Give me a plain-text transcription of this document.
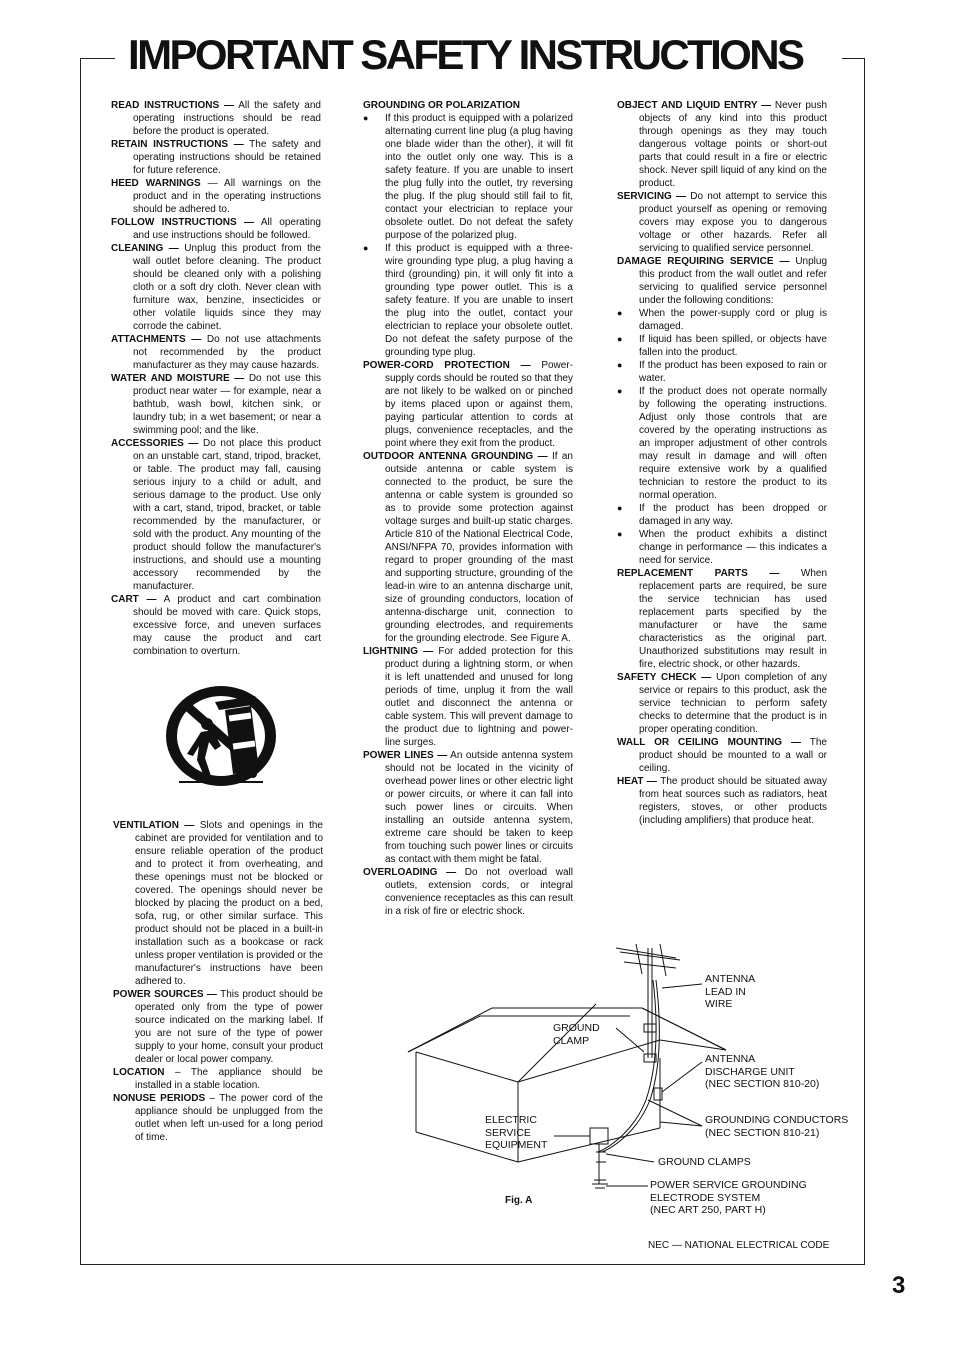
IMPORTANT SAFETY INSTRUCTIONS

READ INSTRUCTIONS — All the safety and operating instructions should be read before the product is operated.

RETAIN INSTRUCTIONS — The safety and operating instructions should be retained for future reference.

HEED WARNINGS — All warnings on the product and in the operating instructions should be adhered to.

FOLLOW INSTRUCTIONS — All operating and use instructions should be followed.

CLEANING — Unplug this product from the wall outlet before cleaning. The product should be cleaned only with a polishing cloth or a soft dry cloth. Never clean with furniture wax, benzine, insecticides or other volatile liquids since they may corrode the cabinet.

ATTACHMENTS — Do not use attachments not recommended by the product manufacturer as they may cause hazards.

WATER AND MOISTURE — Do not use this product near water — for example, near a bathtub, wash bowl, kitchen sink, or laundry tub; in a wet basement; or near a swimming pool; and the like.

ACCESSORIES — Do not place this product on an unstable cart, stand, tripod, bracket, or table. The product may fall, causing serious injury to a child or adult, and serious damage to the product. Use only with a cart, stand, tripod, bracket, or table recommended by the manufacturer, or sold with the product. Any mounting of the product should follow the manufacturer's instructions, and should use a mounting accessory recommended by the manufacturer.

CART — A product and cart combination should be moved with care. Quick stops, excessive force, and uneven surfaces may cause the product and cart combination to overturn.

VENTILATION — Slots and openings in the cabinet are provided for ventilation and to ensure reliable operation of the product and to protect it from overheating, and these openings must not be blocked or covered. The openings should never be blocked by placing the product on a bed, sofa, rug, or other similar surface. This product should not be placed in a built-in installation such as a bookcase or rack unless proper ventilation is provided or the manufacturer's instructions have been adhered to.

POWER SOURCES — This product should be operated only from the type of power source indicated on the marking label. If you are not sure of the type of power supply to your home, consult your product dealer or local power company.

LOCATION – The appliance should be installed in a stable location.

NONUSE PERIODS – The power cord of the appliance should be unplugged from the outlet when left un-used for a long period of time.

GROUNDING OR POLARIZATION

● If this product is equipped with a polarized alternating current line plug (a plug having one blade wider than the other), it will fit into the outlet only one way. This is a safety feature. If you are unable to insert the plug fully into the outlet, try reversing the plug. If the plug should still fail to fit, contact your electrician to replace your obsolete outlet. Do not defeat the safety purpose of the polarized plug.

● If this product is equipped with a three-wire grounding type plug, a plug having a third (grounding) pin, it will only fit into a grounding type power outlet. This is a safety feature. If you are unable to insert the plug into the outlet, contact your electrician to replace your obsolete outlet. Do not defeat the safety purpose of the grounding type plug.

POWER-CORD PROTECTION — Power-supply cords should be routed so that they are not likely to be walked on or pinched by items placed upon or against them, paying particular attention to cords at plugs, convenience receptacles, and the point where they exit from the product.

OUTDOOR ANTENNA GROUNDING — If an outside antenna or cable system is connected to the product, be sure the antenna or cable system is grounded so as to provide some protection against voltage surges and built-up static charges. Article 810 of the National Electrical Code, ANSI/NFPA 70, provides information with regard to proper grounding of the mast and supporting structure, grounding of the lead-in wire to an antenna discharge unit, size of grounding conductors, location of antenna-discharge unit, connection to grounding electrodes, and requirements for the grounding electrode. See Figure A.

LIGHTNING — For added protection for this product during a lightning storm, or when it is left unattended and unused for long periods of time, unplug it from the wall outlet and disconnect the antenna or cable system. This will prevent damage to the product due to lightning and power-line surges.

POWER LINES — An outside antenna system should not be located in the vicinity of overhead power lines or other electric light or power circuits, or where it can fall into such power lines or circuits. When installing an outside antenna system, extreme care should be taken to keep from touching such power lines or circuits as contact with them might be fatal.

OVERLOADING — Do not overload wall outlets, extension cords, or integral convenience receptacles as this can result in a risk of fire or electric shock.

OBJECT AND LIQUID ENTRY — Never push objects of any kind into this product through openings as they may touch dangerous voltage points or short-out parts that could result in a fire or electric shock. Never spill liquid of any kind on the product.

SERVICING — Do not attempt to service this product yourself as opening or removing covers may expose you to dangerous voltage or other hazards. Refer all servicing to qualified service personnel.

DAMAGE REQUIRING SERVICE — Unplug this product from the wall outlet and refer servicing to qualified service personnel under the following conditions:

● When the power-supply cord or plug is damaged.

● If liquid has been spilled, or objects have fallen into the product.

● If the product has been exposed to rain or water.

● If the product does not operate normally by following the operating instructions. Adjust only those controls that are covered by the operating instructions as an improper adjustment of other controls may result in damage and will often require extensive work by a qualified technician to restore the product to its normal operation.

● If the product has been dropped or damaged in any way.

● When the product exhibits a distinct change in performance — this indicates a need for service.

REPLACEMENT PARTS — When replacement parts are required, be sure the service technician has used replacement parts specified by the manufacturer or have the same characteristics as the original part. Unauthorized substitutions may result in fire, electric shock, or other hazards.

SAFETY CHECK — Upon completion of any service or repairs to this product, ask the service technician to perform safety checks to determine that the product is in proper operating condition.

WALL OR CEILING MOUNTING — The product should be mounted to a wall or ceiling.

HEAT — The product should be situated away from heat sources such as radiators, heat registers, stoves, or other products (including amplifiers) that produce heat.

ANTENNA
LEAD IN
WIRE
GROUND
CLAMP
ANTENNA
DISCHARGE UNIT
(NEC SECTION 810-20)
ELECTRIC
SERVICE
EQUIPMENT
GROUNDING CONDUCTORS
(NEC SECTION 810-21)
GROUND CLAMPS
POWER SERVICE GROUNDING
ELECTRODE SYSTEM
(NEC ART 250, PART H)
Fig. A
NEC — NATIONAL ELECTRICAL CODE
3
